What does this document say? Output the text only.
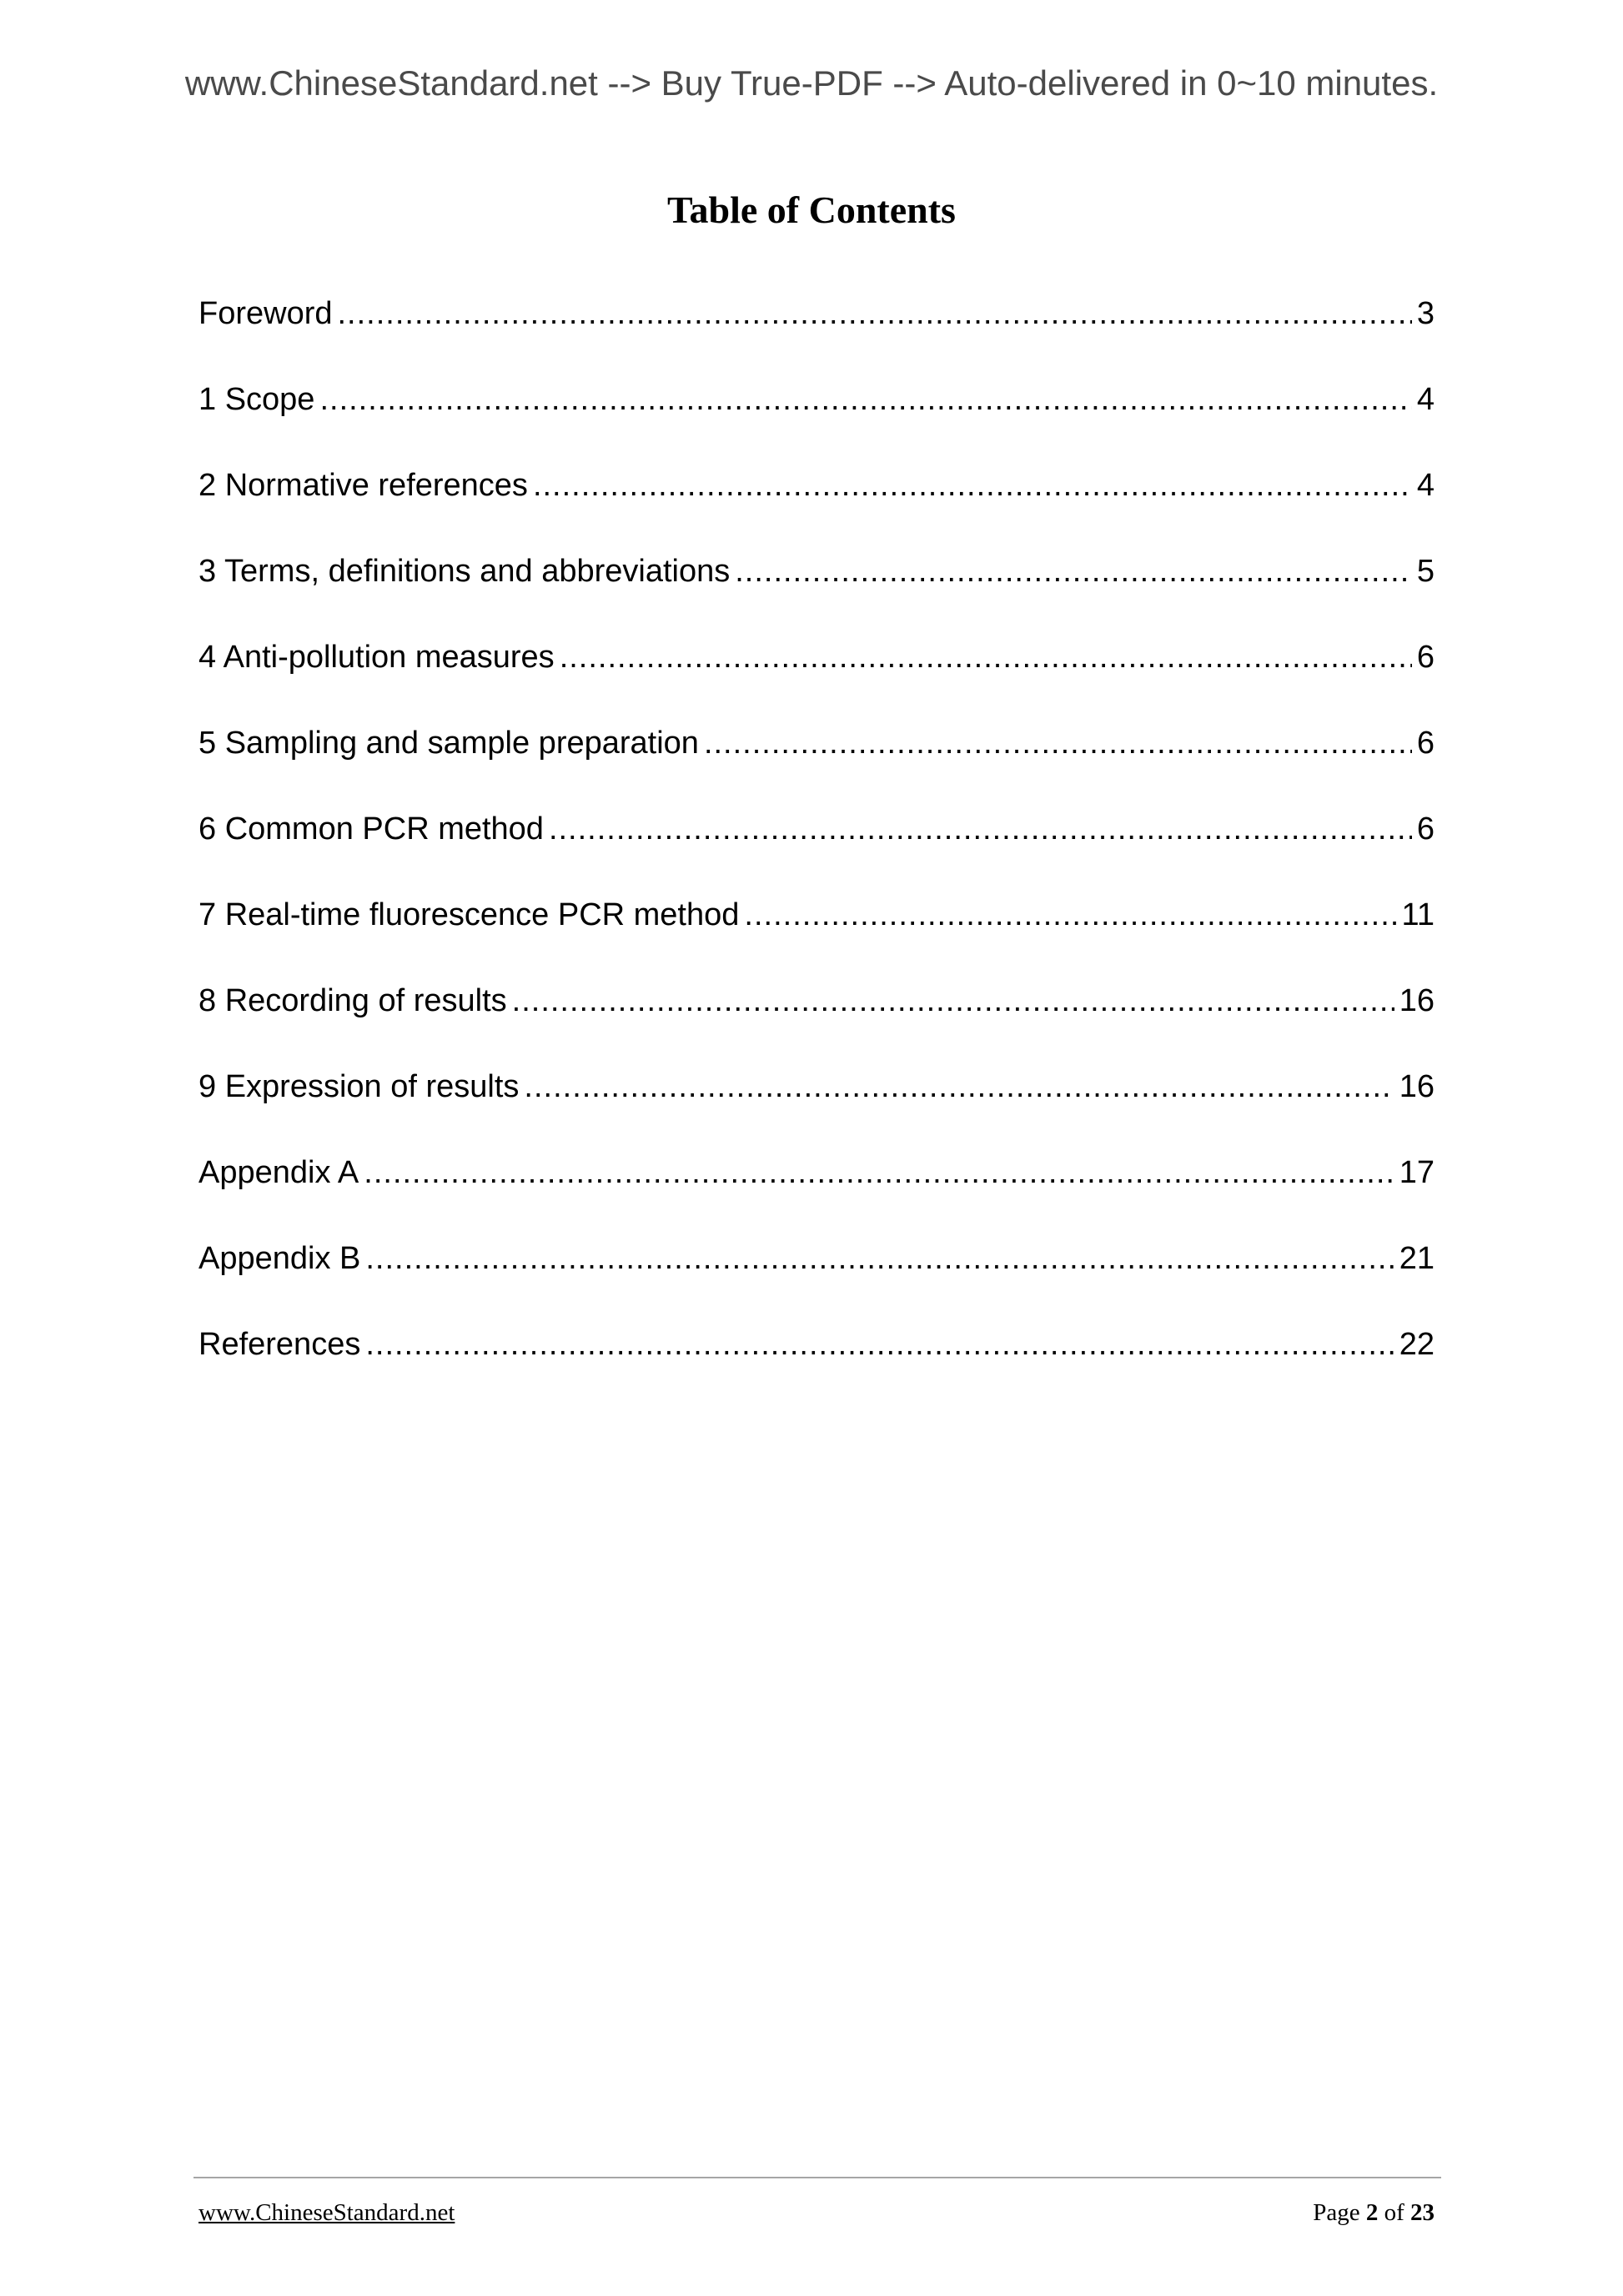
www.ChineseStandard.net --> Buy True-PDF --> Auto-delivered in 0~10 minutes.
Table of Contents
Foreword .....	3
1 Scope .....	4
2 Normative references .....	4
3 Terms, definitions and abbreviations .....	5
4 Anti-pollution measures .....	6
5 Sampling and sample preparation .....	6
6 Common PCR method .....	6
7 Real-time fluorescence PCR method .....	11
8 Recording of results .....	16
9 Expression of results .....	16
Appendix A .....	17
Appendix B .....	21
References .....	22
www.ChineseStandard.net	Page 2 of 23
